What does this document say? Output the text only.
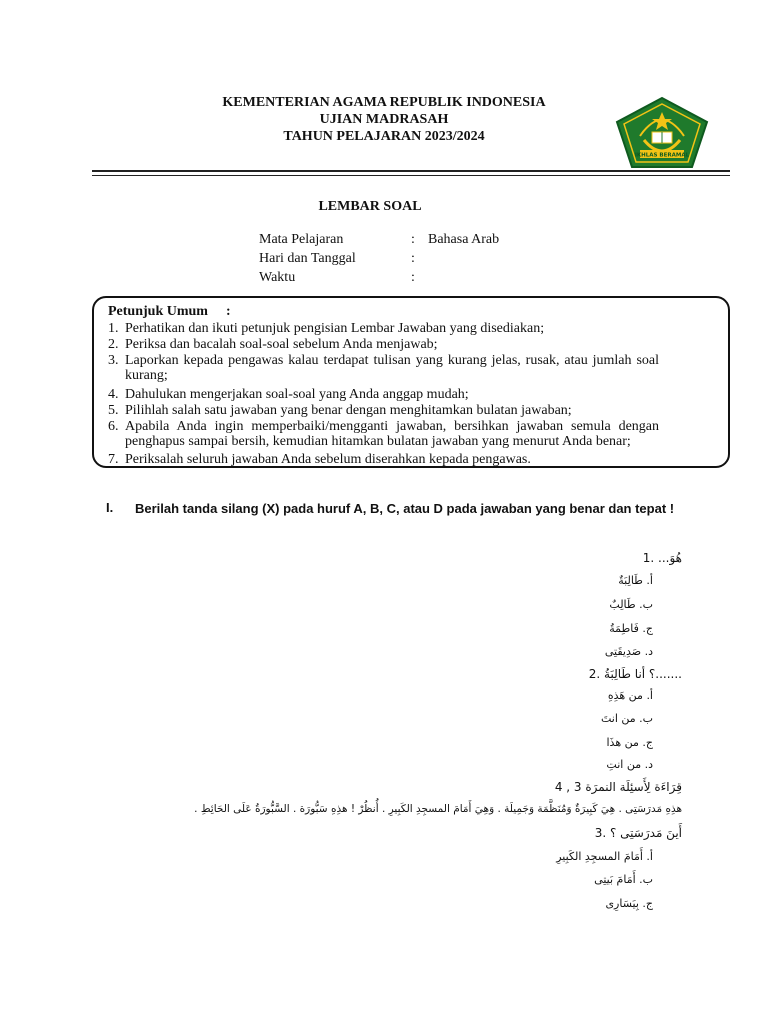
KEMENTERIAN AGAMA REPUBLIK INDONESIA
UJIAN MADRASAH
TAHUN PELAJARAN 2023/2024
IKHLAS BERAMAL
LEMBAR SOAL
Mata Pelajaran	: Bahasa Arab
Hari dan Tanggal	:
Waktu	:
Petunjuk Umum :
1. Perhatikan dan ikuti petunjuk pengisian Lembar Jawaban yang disediakan;
2. Periksa dan bacalah soal-soal sebelum Anda menjawab;
3. Laporkan kepada pengawas kalau terdapat tulisan yang kurang jelas, rusak, atau jumlah soal kurang;
4. Dahulukan mengerjakan soal-soal yang Anda anggap mudah;
5. Pilihlah salah satu jawaban yang benar dengan menghitamkan bulatan jawaban;
6. Apabila Anda ingin memperbaiki/mengganti jawaban, bersihkan jawaban semula dengan penghapus sampai bersih, kemudian hitamkan bulatan jawaban yang menurut Anda benar;
7. Periksalah seluruh jawaban Anda sebelum diserahkan kepada pengawas.
I. Berilah tanda silang (X) pada huruf A, B, C, atau D pada jawaban yang benar dan tepat !
هُوَ... .1
أ. طَالِبَةٌ
ب. طَالِبٌ
ج. فَاطِمَةُ
د. صَدِيقَتِى
.......؟ أنا طَالِبَةُ .2
أ. من هَذِهِ
ب. من انتَ
ج. من هذَا
د. من انتِ
قِرَاءَة لِأَسئِلَة النمرَة 3 , 4
هذِهِ مَدرَسَتِى . هِيَ كَبِيرَةٌ وَمُنَظَّمَة وَجَمِيلَة . وَهِيَ أَمَامَ المسجِدِ الكَبِيرِ . أُنظُرْ ! هذِهِ سَبُّورَة . السَّبُّورَةُ عَلَى الحَائِطِ .
أَينَ مَدرَسَتِى ؟ .3
أ. أَمَامَ المسجِدِ الكَبِيرِ
ب. أَمَامَ بَيتِى
ج. بِيَسَارِى
